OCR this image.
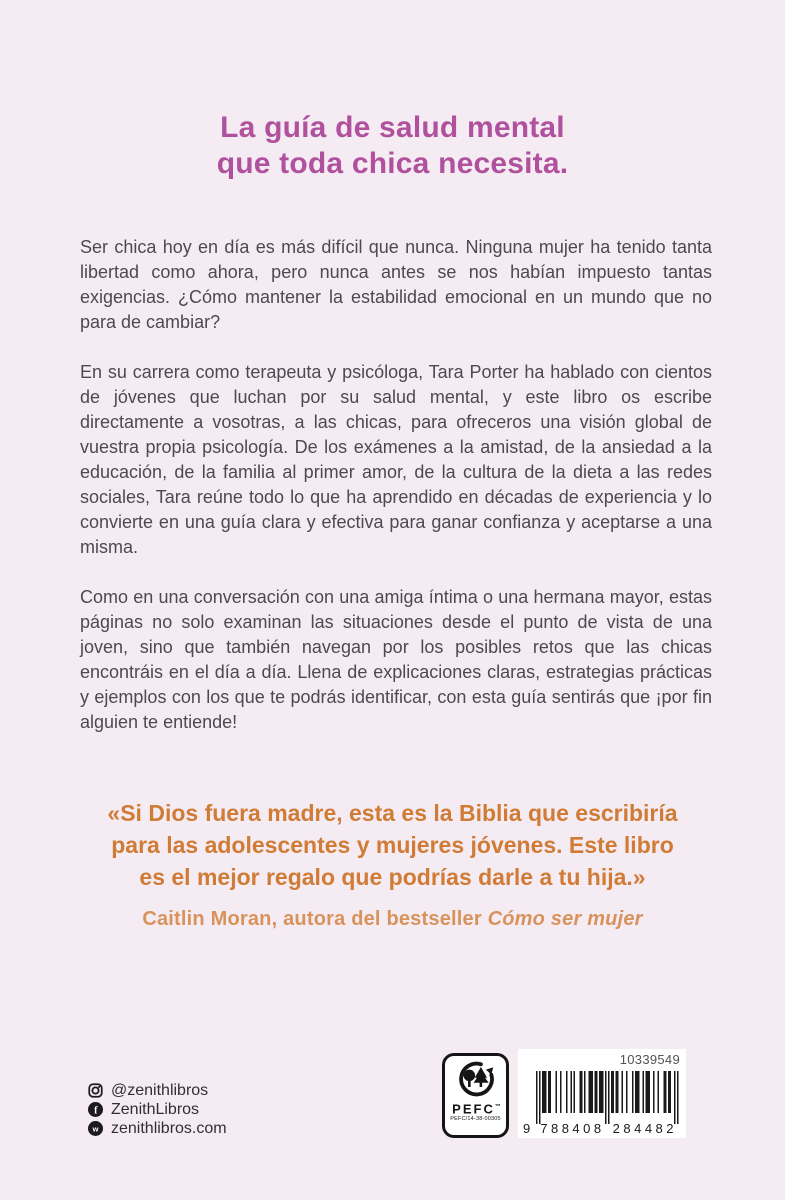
La guía de salud mental
que toda chica necesita.

Ser chica hoy en día es más difícil que nunca. Ninguna mujer ha tenido tanta libertad como ahora, pero nunca antes se nos habían impuesto tantas exigencias. ¿Cómo mantener la estabilidad emocional en un mundo que no para de cambiar?

En su carrera como terapeuta y psicóloga, Tara Porter ha hablado con cientos de jóvenes que luchan por su salud mental, y este libro os escribe directamente a vosotras, a las chicas, para ofreceros una visión global de vuestra propia psicología. De los exámenes a la amistad, de la ansiedad a la educación, de la familia al primer amor, de la cultura de la dieta a las redes sociales, Tara reúne todo lo que ha aprendido en décadas de experiencia y lo convierte en una guía clara y efectiva para ganar confianza y aceptarse a una misma.

Como en una conversación con una amiga íntima o una hermana mayor, estas páginas no solo examinan las situaciones desde el punto de vista de una joven, sino que también navegan por los posibles retos que las chicas encontráis en el día a día. Llena de explicaciones claras, estrategias prácticas y ejemplos con los que te podrás identificar, con esta guía sentirás que ¡por fin alguien te entiende!

«Si Dios fuera madre, esta es la Biblia que escribiría
para las adolescentes y mujeres jóvenes. Este libro
es el mejor regalo que podrías darle a tu hija.»
Caitlin Moran, autora del bestseller Cómo ser mujer
@zenithlibros
f ZenithLibros
w zenithlibros.com
PEFC™
PEFC/14-38-00305
10339549
9 788408 284482
